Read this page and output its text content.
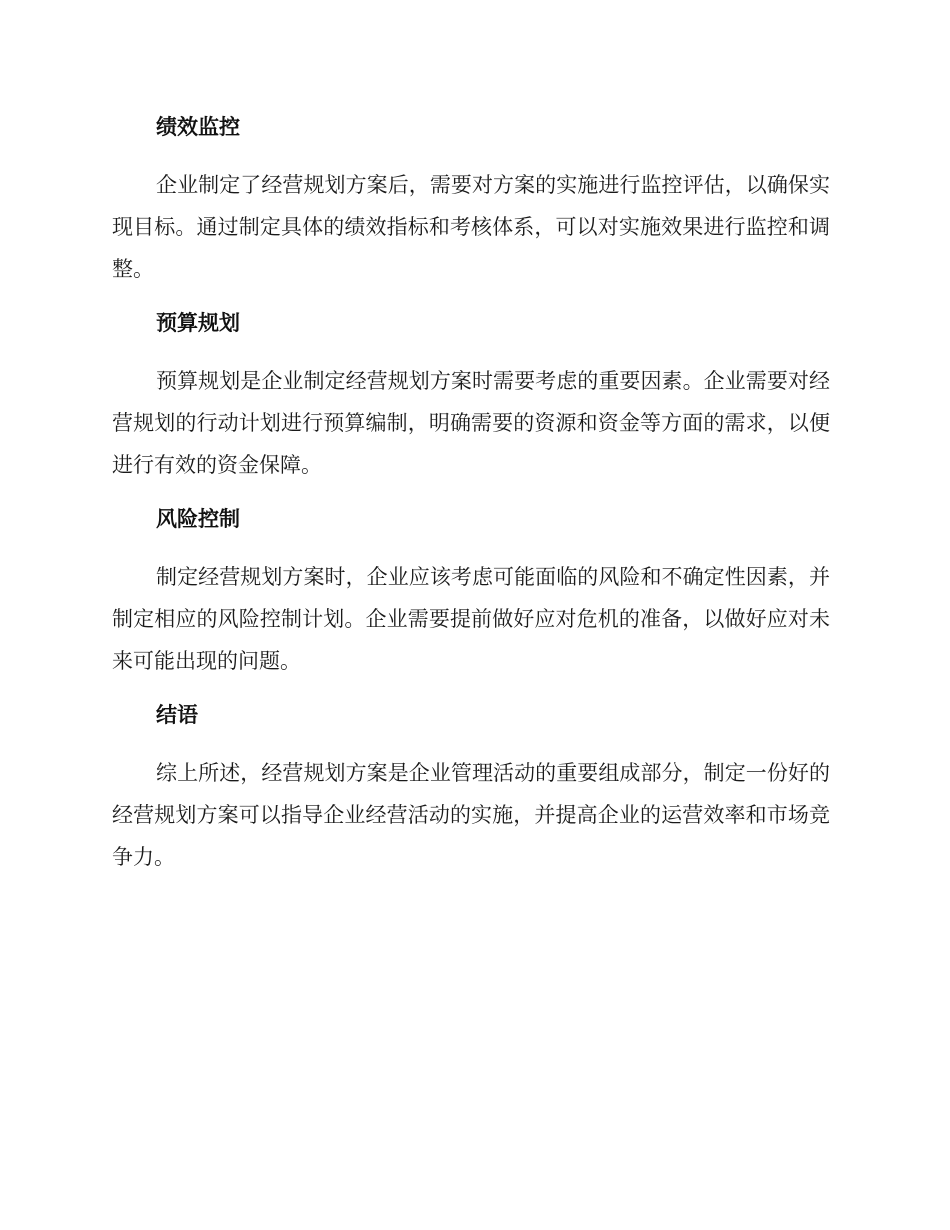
绩效监控

企业制定了经营规划方案后，需要对方案的实施进行监控评估，以确保实现目标。通过制定具体的绩效指标和考核体系，可以对实施效果进行监控和调整。

预算规划

预算规划是企业制定经营规划方案时需要考虑的重要因素。企业需要对经营规划的行动计划进行预算编制，明确需要的资源和资金等方面的需求，以便进行有效的资金保障。

风险控制

制定经营规划方案时，企业应该考虑可能面临的风险和不确定性因素，并制定相应的风险控制计划。企业需要提前做好应对危机的准备，以做好应对未来可能出现的问题。

结语

综上所述，经营规划方案是企业管理活动的重要组成部分，制定一份好的经营规划方案可以指导企业经营活动的实施，并提高企业的运营效率和市场竞争力。
